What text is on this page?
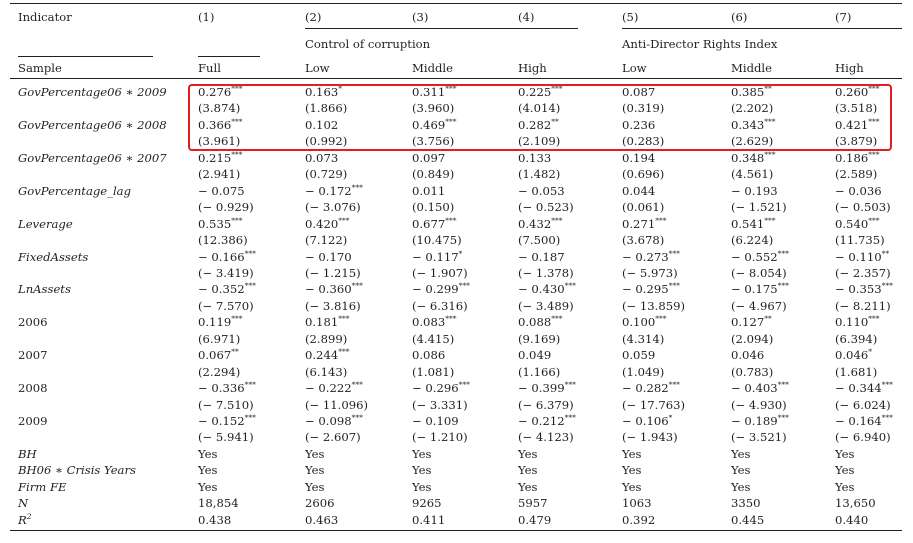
Indicator	(1)	(2)	(3)	(4)	(5)	(6)	(7)
Control of corruption	Anti-Director Rights Index
Sample	Full	Low	Middle	High	Low	Middle	High
GovPercentage06 ∗ 2009	0.276***	0.163*	0.311***	0.225***	0.087	0.385**	0.260***
(3.874)	(1.866)	(3.960)	(4.014)	(0.319)	(2.202)	(3.518)
GovPercentage06 ∗ 2008	0.366***	0.102	0.469***	0.282**	0.236	0.343***	0.421***
(3.961)	(0.992)	(3.756)	(2.109)	(0.283)	(2.629)	(3.879)
GovPercentage06 ∗ 2007	0.215***	0.073	0.097	0.133	0.194	0.348***	0.186***
(2.941)	(0.729)	(0.849)	(1.482)	(0.696)	(4.561)	(2.589)
GovPercentage_lag	− 0.075	− 0.172***	0.011	− 0.053	0.044	− 0.193	− 0.036
(− 0.929)	(− 3.076)	(0.150)	(− 0.523)	(0.061)	(− 1.521)	(− 0.503)
Leverage	0.535***	0.420***	0.677***	0.432***	0.271***	0.541***	0.540***
(12.386)	(7.122)	(10.475)	(7.500)	(3.678)	(6.224)	(11.735)
FixedAssets	− 0.166***	− 0.170	− 0.117*	− 0.187	− 0.273***	− 0.552***	− 0.110**
(− 3.419)	(− 1.215)	(− 1.907)	(− 1.378)	(− 5.973)	(− 8.054)	(− 2.357)
LnAssets	− 0.352***	− 0.360***	− 0.299***	− 0.430***	− 0.295***	− 0.175***	− 0.353***
(− 7.570)	(− 3.816)	(− 6.316)	(− 3.489)	(− 13.859)	(− 4.967)	(− 8.211)
2006	0.119***	0.181***	0.083***	0.088***	0.100***	0.127**	0.110***
(6.971)	(2.899)	(4.415)	(9.169)	(4.314)	(2.094)	(6.394)
2007	0.067**	0.244***	0.086	0.049	0.059	0.046	0.046*
(2.294)	(6.143)	(1.081)	(1.166)	(1.049)	(0.783)	(1.681)
2008	− 0.336***	− 0.222***	− 0.296***	− 0.399***	− 0.282***	− 0.403***	− 0.344***
(− 7.510)	(− 11.096)	(− 3.331)	(− 6.379)	(− 17.763)	(− 4.930)	(− 6.024)
2009	− 0.152***	− 0.098***	− 0.109	− 0.212***	− 0.106*	− 0.189***	− 0.164***
(− 5.941)	(− 2.607)	(− 1.210)	(− 4.123)	(− 1.943)	(− 3.521)	(− 6.940)
BH	Yes	Yes	Yes	Yes	Yes	Yes	Yes
BH06 ∗ Crisis Years	Yes	Yes	Yes	Yes	Yes	Yes	Yes
Firm FE	Yes	Yes	Yes	Yes	Yes	Yes	Yes
N	18,854	2606	9265	5957	1063	3350	13,650
$R^2$	0.438	0.463	0.411	0.479	0.392	0.445	0.440
